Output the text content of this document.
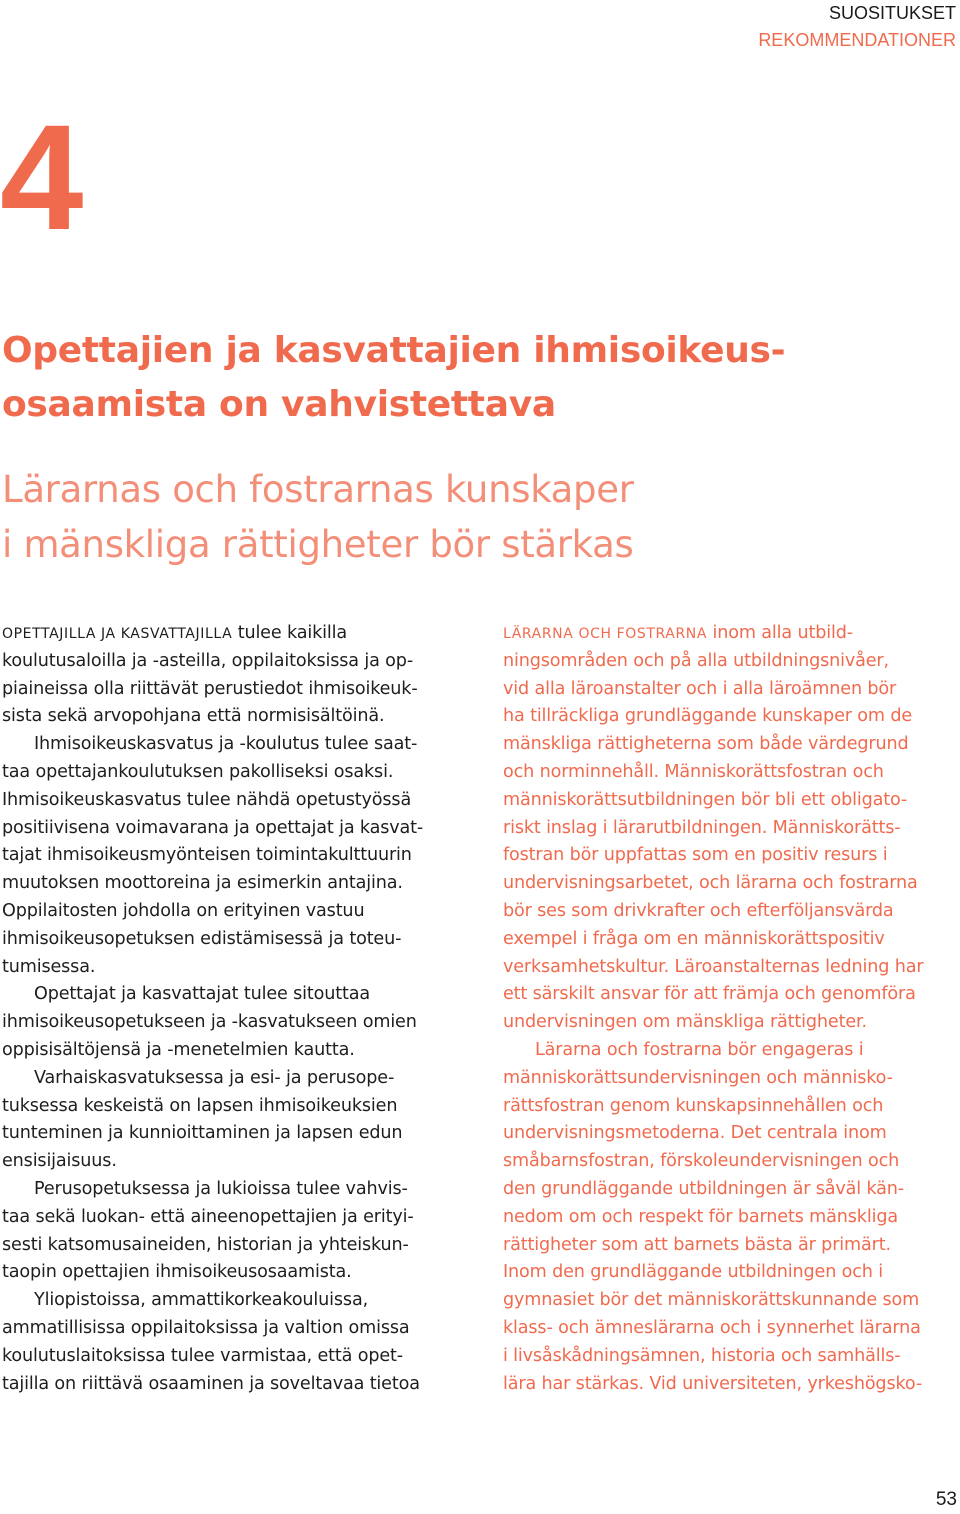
SUOSITUKSET
REKOMMENDATIONER
4
Opettajien ja kasvattajien ihmisoikeus-
osaamista on vahvistettava
Lärarnas och fostrarnas kunskaper
i mänskliga rättigheter bör stärkas
OPETTAJILLA JA KASVATTAJILLA tulee kaikilla
koulutusaloilla ja -asteilla, oppilaitoksissa ja op-
piaineissa olla riittävät perustiedot ihmisoikeuk-
sista sekä arvopohjana että normisisältöinä.
Ihmisoikeuskasvatus ja -koulutus tulee saat-
taa opettajankoulutuksen pakolliseksi osaksi.
Ihmisoikeuskasvatus tulee nähdä opetustyössä
positiivisena voimavarana ja opettajat ja kasvat-
tajat ihmisoikeusmyönteisen toimintakulttuurin
muutoksen moottoreina ja esimerkin antajina.
Oppilaitosten johdolla on erityinen vastuu
ihmisoikeusopetuksen edistämisessä ja toteu-
tumisessa.
Opettajat ja kasvattajat tulee sitouttaa
ihmisoikeusopetukseen ja -kasvatukseen omien
oppisisältöjensä ja -menetelmien kautta.
Varhaiskasvatuksessa ja esi- ja perusope-
tuksessa keskeistä on lapsen ihmisoikeuksien
tunteminen ja kunnioittaminen ja lapsen edun
ensisijaisuus.
Perusopetuksessa ja lukioissa tulee vahvis-
taa sekä luokan- että aineenopettajien ja erityi-
sesti katsomusaineiden, historian ja yhteiskun-
taopin opettajien ihmisoikeusosaamista.
Yliopistoissa, ammattikorkeakouluissa,
ammatillisissa oppilaitoksissa ja valtion omissa
koulutuslaitoksissa tulee varmistaa, että opet-
tajilla on riittävä osaaminen ja soveltavaa tietoa
LÄRARNA OCH FOSTRARNA inom alla utbild-
ningsområden och på alla utbildningsnivåer,
vid alla läroanstalter och i alla läroämnen bör
ha tillräckliga grundläggande kunskaper om de
mänskliga rättigheterna som både värdegrund
och norminnehåll. Människorättsfostran och
människorättsutbildningen bör bli ett obligato-
riskt inslag i lärarutbildningen. Människorätts-
fostran bör uppfattas som en positiv resurs i
undervisningsarbetet, och lärarna och fostrarna
bör ses som drivkrafter och efterföljansvärda
exempel i fråga om en människorättspositiv
verksamhetskultur. Läroanstalternas ledning har
ett särskilt ansvar för att främja och genomföra
undervisningen om mänskliga rättigheter.
Lärarna och fostrarna bör engageras i
människorättsundervisningen och människo-
rättsfostran genom kunskapsinnehållen och
undervisningsmetoderna. Det centrala inom
småbarnsfostran, förskoleundervisningen och
den grundläggande utbildningen är såväl kän-
nedom om och respekt för barnets mänskliga
rättigheter som att barnets bästa är primärt.
Inom den grundläggande utbildningen och i
gymnasiet bör det människorättskunnande som
klass- och ämneslärarna och i synnerhet lärarna
i livsåskådningsämnen, historia och samhälls-
lära har stärkas. Vid universiteten, yrkeshögsko-
53
